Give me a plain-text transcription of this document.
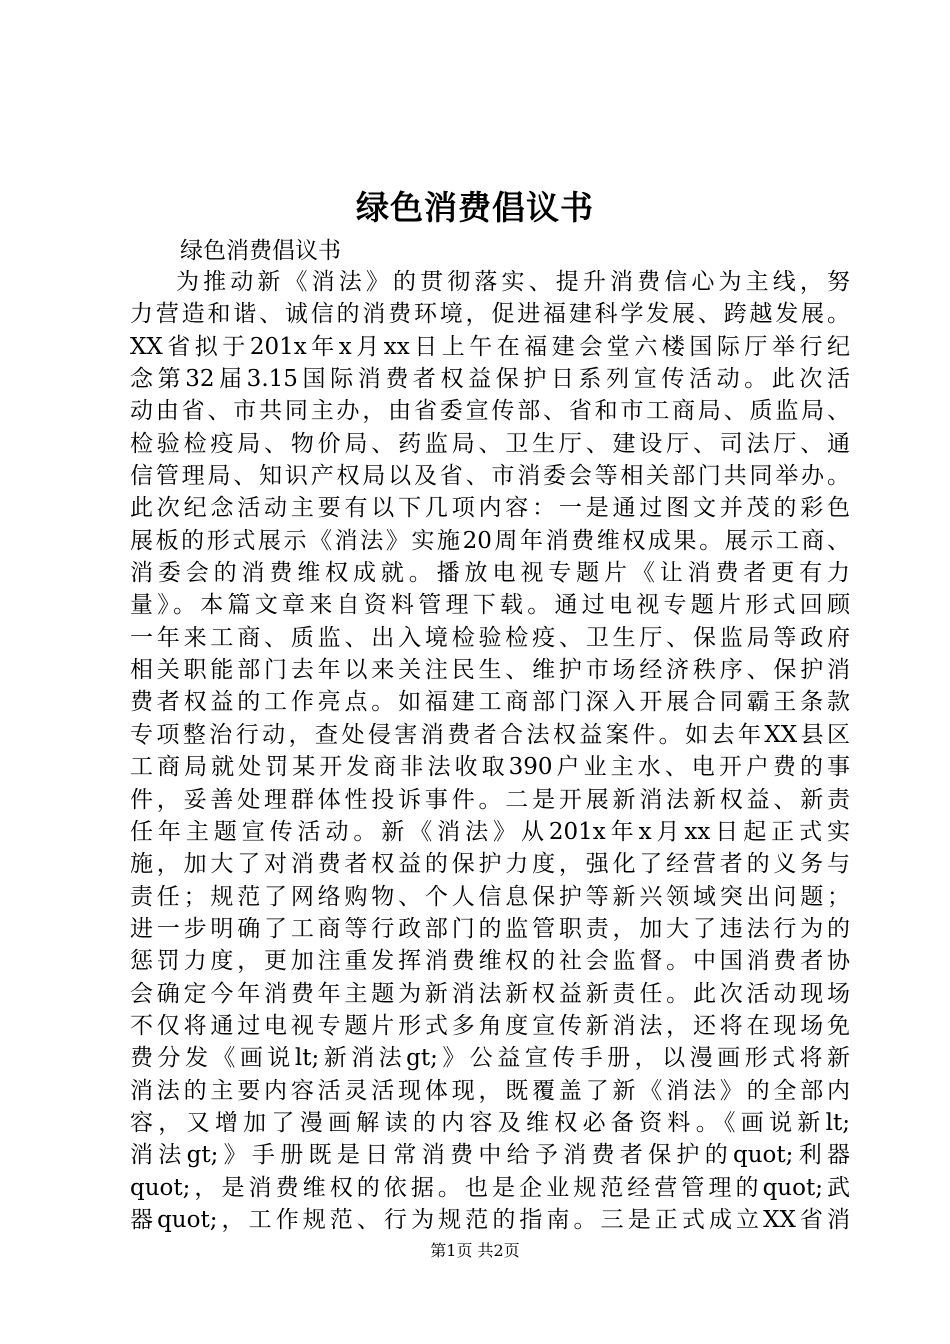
绿色消费倡议书
绿色消费倡议书
为推动新《消法》的贯彻落实、提升消费信心为主线，努
力营造和谐、诚信的消费环境，促进福建科学发展、跨越发展。
XX省拟于201x年x月xx日上午在福建会堂六楼国际厅举行纪
念第32届3.15国际消费者权益保护日系列宣传活动。此次活
动由省、市共同主办，由省委宣传部、省和市工商局、质监局、
检验检疫局、物价局、药监局、卫生厅、建设厅、司法厅、通
信管理局、知识产权局以及省、市消委会等相关部门共同举办。
此次纪念活动主要有以下几项内容：一是通过图文并茂的彩色
展板的形式展示《消法》实施20周年消费维权成果。展示工商、
消委会的消费维权成就。播放电视专题片《让消费者更有力
量》。本篇文章来自资料管理下载。通过电视专题片形式回顾
一年来工商、质监、出入境检验检疫、卫生厅、保监局等政府
相关职能部门去年以来关注民生、维护市场经济秩序、保护消
费者权益的工作亮点。如福建工商部门深入开展合同霸王条款
专项整治行动，查处侵害消费者合法权益案件。如去年XX县区
工商局就处罚某开发商非法收取390户业主水、电开户费的事
件，妥善处理群体性投诉事件。二是开展新消法新权益、新责
任年主题宣传活动。新《消法》从201x年x月xx日起正式实
施，加大了对消费者权益的保护力度，强化了经营者的义务与
责任；规范了网络购物、个人信息保护等新兴领域突出问题；
进一步明确了工商等行政部门的监管职责，加大了违法行为的
惩罚力度，更加注重发挥消费维权的社会监督。中国消费者协
会确定今年消费年主题为新消法新权益新责任。此次活动现场
不仅将通过电视专题片形式多角度宣传新消法，还将在现场免
费分发《画说lt;新消法gt;》公益宣传手册，以漫画形式将新
消法的主要内容活灵活现体现，既覆盖了新《消法》的全部内
容，又增加了漫画解读的内容及维权必备资料。《画说新lt;
消法gt;》手册既是日常消费中给予消费者保护的quot;利器
quot;，是消费维权的依据。也是企业规范经营管理的quot;武
器quot;，工作规范、行为规范的指南。三是正式成立XX省消
第1页 共2页
